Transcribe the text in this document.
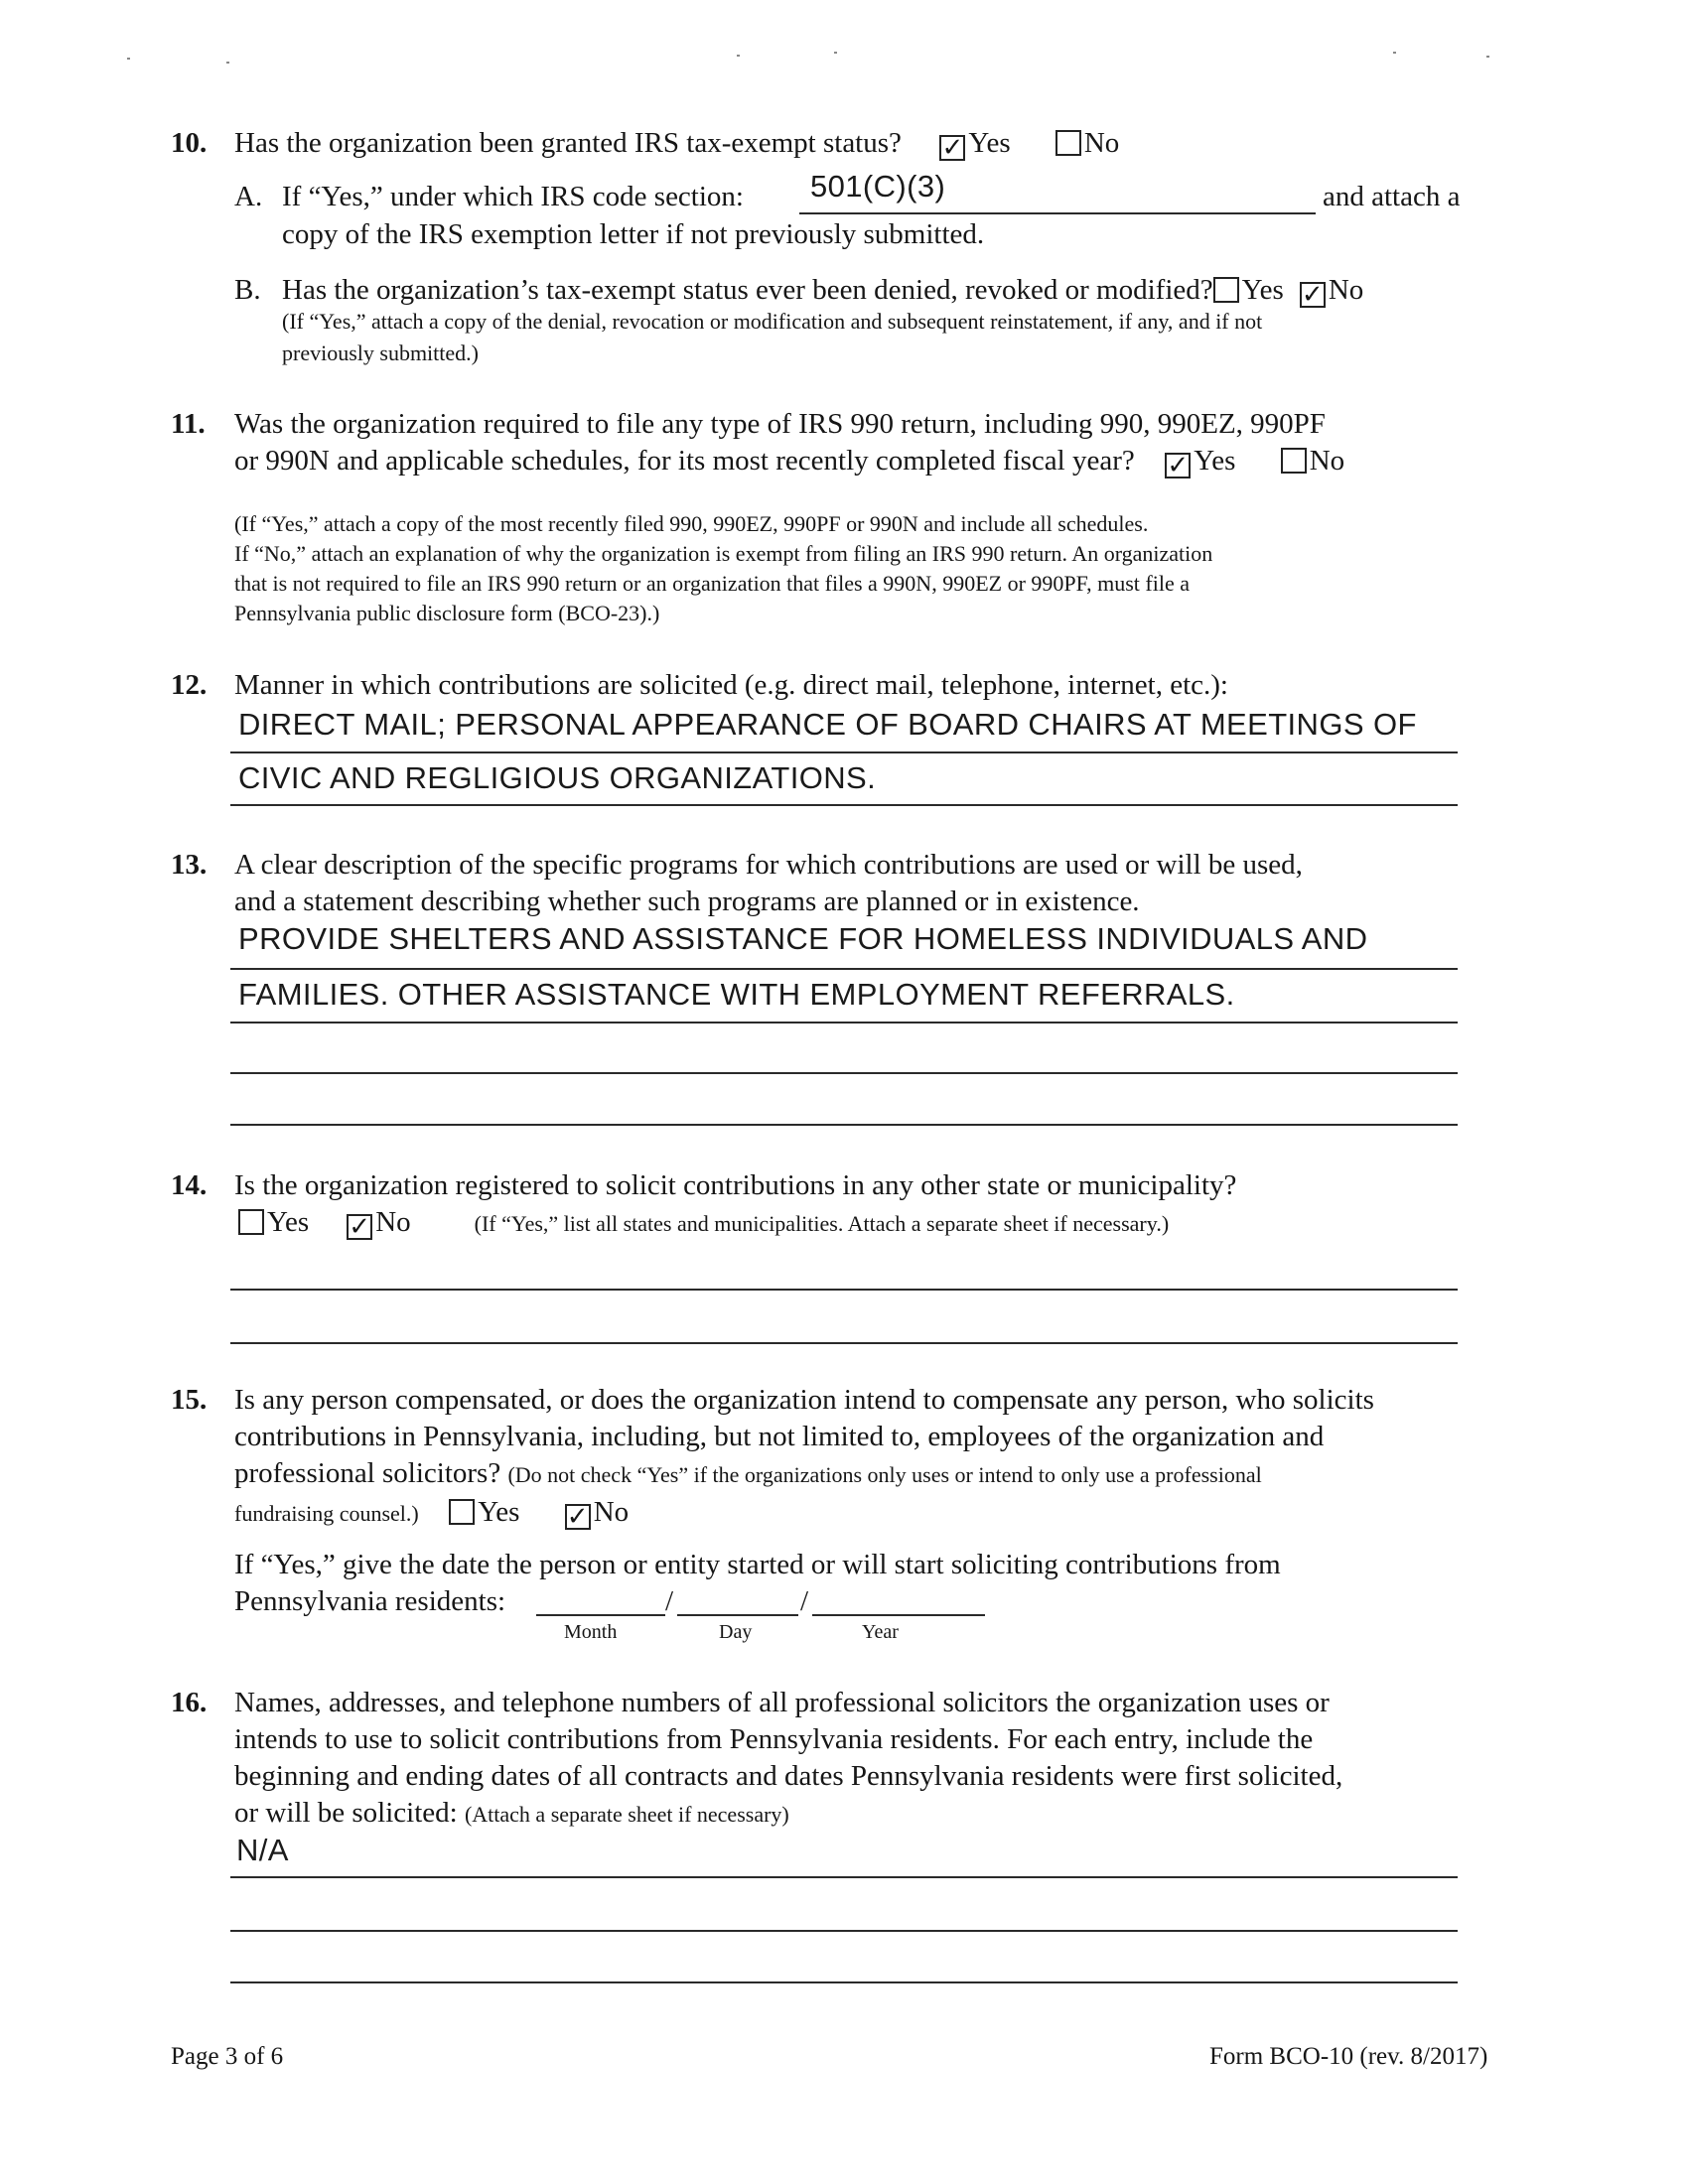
10. Has the organization been granted IRS tax-exempt status? ✓ Yes	No
A. If “Yes,” under which IRS code section: 501(C)(3)	and attach a
copy of the IRS exemption letter if not previously submitted.
B. Has the organization’s tax-exempt status ever been denied, revoked or modified? Yes ✓ No
(If “Yes,” attach a copy of the denial, revocation or modification and subsequent reinstatement, if any, and if not
previously submitted.)
11. Was the organization required to file any type of IRS 990 return, including 990, 990EZ, 990PF
or 990N and applicable schedules, for its most recently completed fiscal year? ✓ Yes	No
(If “Yes,” attach a copy of the most recently filed 990, 990EZ, 990PF or 990N and include all schedules.
If “No,” attach an explanation of why the organization is exempt from filing an IRS 990 return. An organization
that is not required to file an IRS 990 return or an organization that files a 990N, 990EZ or 990PF, must file a
Pennsylvania public disclosure form (BCO-23).)
12. Manner in which contributions are solicited (e.g. direct mail, telephone, internet, etc.):
DIRECT MAIL; PERSONAL APPEARANCE OF BOARD CHAIRS AT MEETINGS OF
CIVIC AND REGLIGIOUS ORGANIZATIONS.
13. A clear description of the specific programs for which contributions are used or will be used,
and a statement describing whether such programs are planned or in existence.
PROVIDE SHELTERS AND ASSISTANCE FOR HOMELESS INDIVIDUALS AND
FAMILIES. OTHER ASSISTANCE WITH EMPLOYMENT REFERRALS.
14. Is the organization registered to solicit contributions in any other state or municipality?
Yes ✓ No	(If “Yes,” list all states and municipalities. Attach a separate sheet if necessary.)
15. Is any person compensated, or does the organization intend to compensate any person, who solicits
contributions in Pennsylvania, including, but not limited to, employees of the organization and
professional solicitors? (Do not check “Yes” if the organizations only uses or intend to only use a professional
fundraising counsel.) Yes ✓ No
If “Yes,” give the date the person or entity started or will start soliciting contributions from
Pennsylvania residents:	/	/
Month	Day	Year
16. Names, addresses, and telephone numbers of all professional solicitors the organization uses or
intends to use to solicit contributions from Pennsylvania residents. For each entry, include the
beginning and ending dates of all contracts and dates Pennsylvania residents were first solicited,
or will be solicited: (Attach a separate sheet if necessary)
N/A
Page 3 of 6	Form BCO-10 (rev. 8/2017)
